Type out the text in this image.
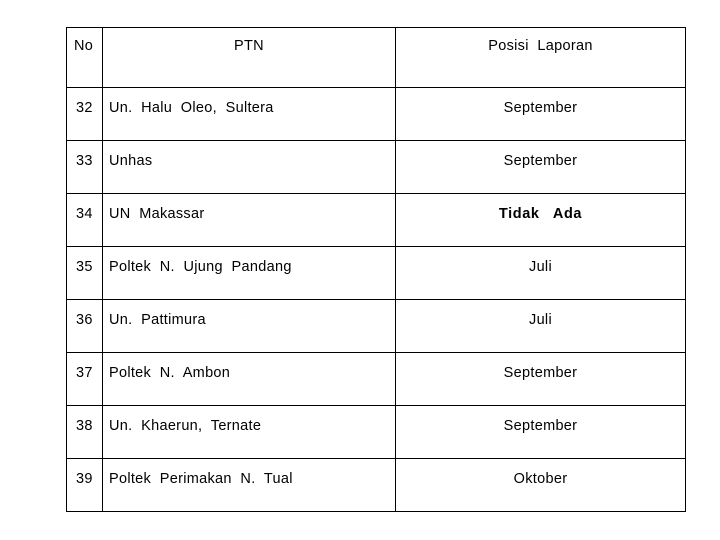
No	PTN	Posisi  Laporan

32	Un.  Halu  Oleo,  Sultera	September

33	Unhas	September

34	UN  Makassar	Tidak   Ada

35	Poltek  N.  Ujung  Pandang	Juli

36	Un.  Pattimura	Juli

37	Poltek  N.  Ambon	September

38	Un.  Khaerun,  Ternate	September

39	Poltek  Perimakan  N.  Tual	Oktober
